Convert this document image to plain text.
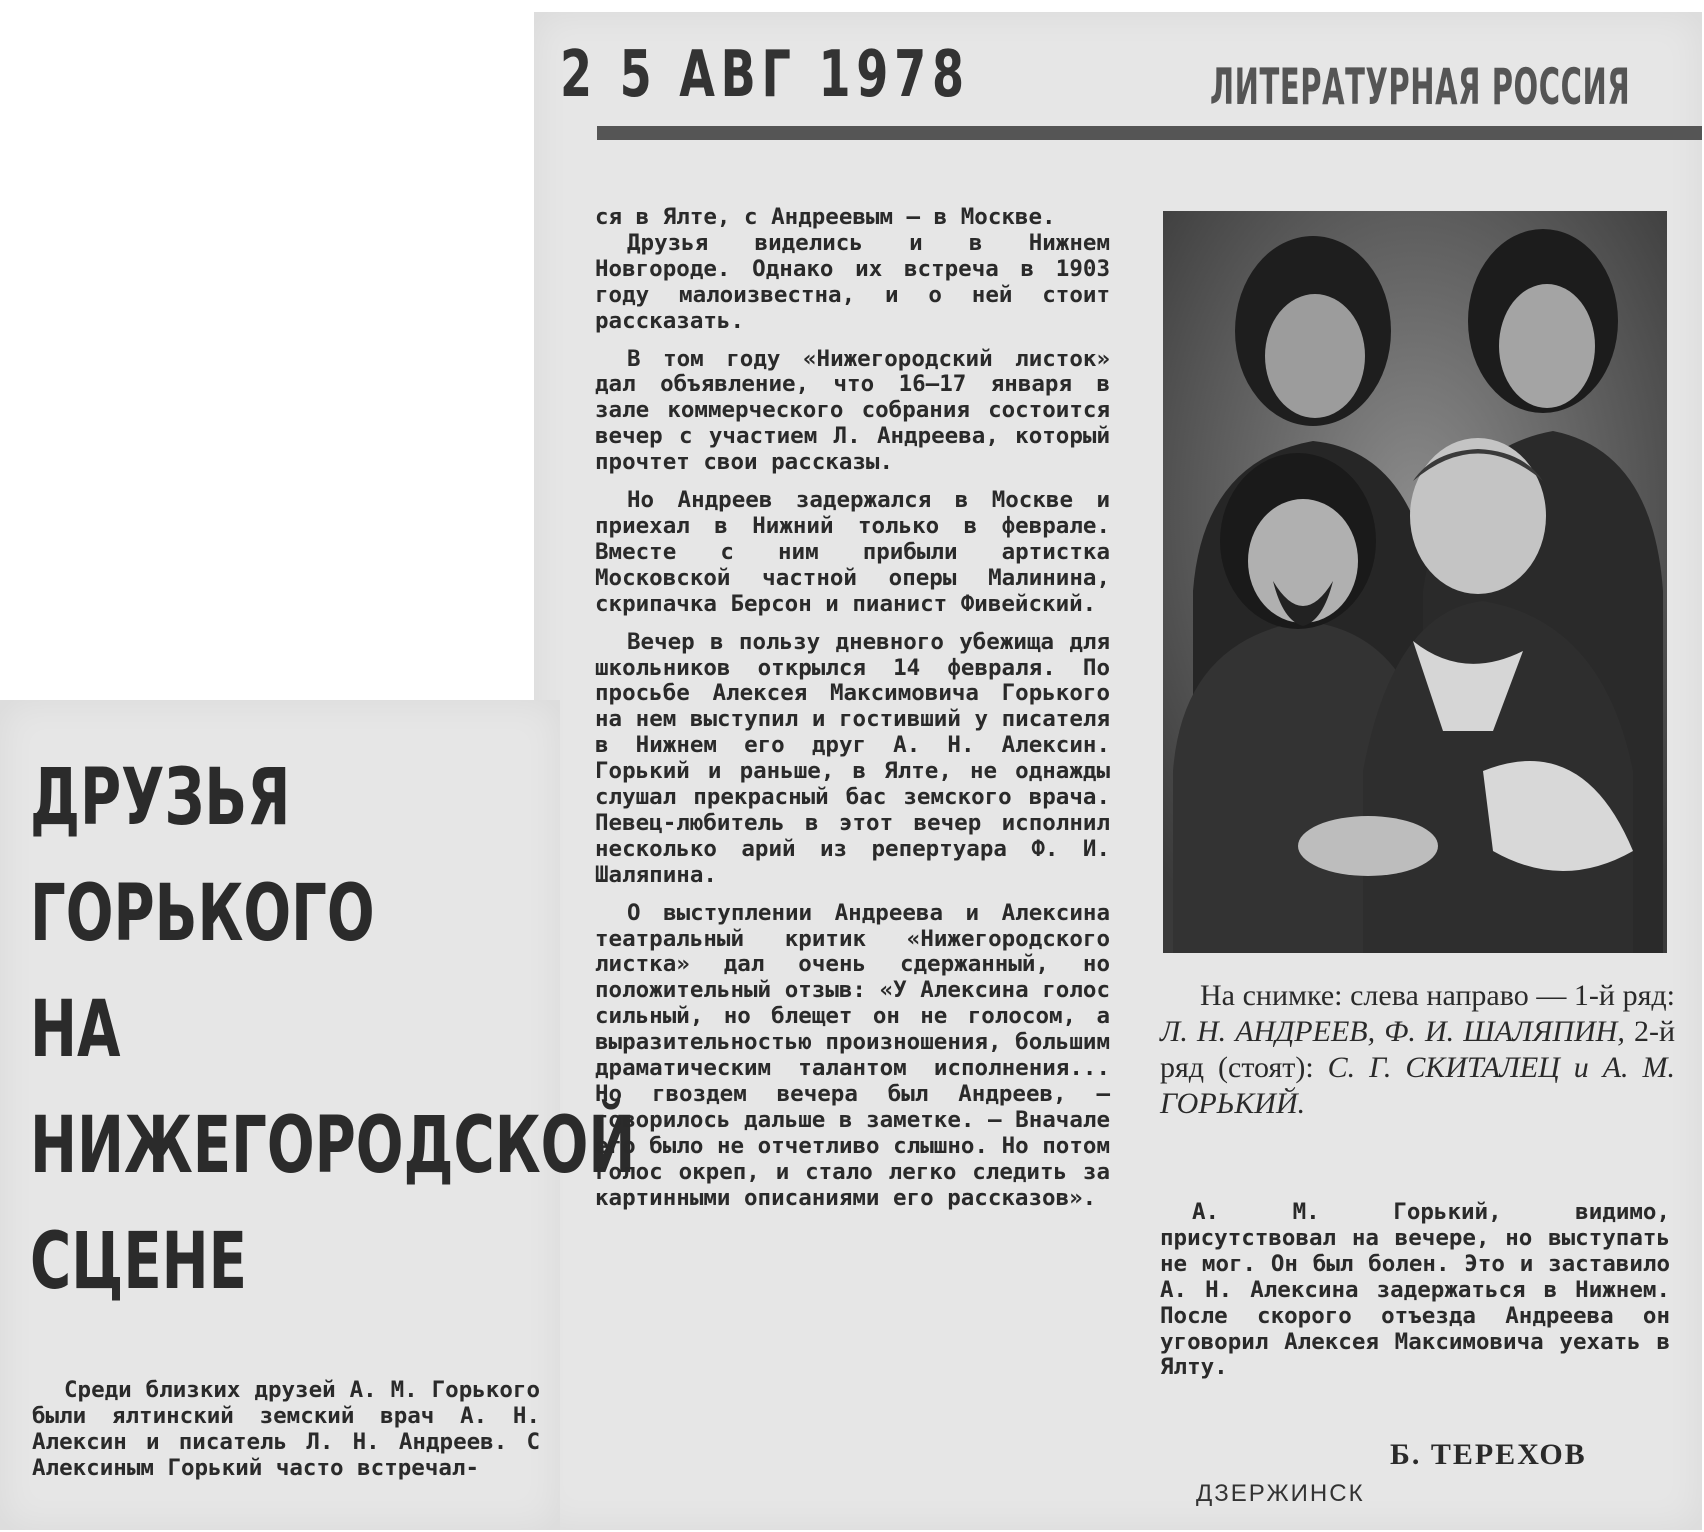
2 5 АВГ 1978	ЛИТЕРАТУРНАЯ РОССИЯ
ДРУЗЬЯ
ГОРЬКОГО
НА
НИЖЕГОРОДСКОЙ
СЦЕНЕ

Среди близких друзей А. М. Горького были ялтинский земский врач А. Н. Алексин и писатель Л. Н. Андреев. С Алексиным Горький часто встречал-

ся в Ялте, с Андреевым — в Москве.

Друзья виделись и в Нижнем Новгороде. Однако их встреча в 1903 году малоизвестна, и о ней стоит рассказать.

В том году «Нижегородский листок» дал объявление, что 16—17 января в зале коммерческого собрания состоится вечер с участием Л. Андреева, который прочтет свои рассказы.

Но Андреев задержался в Москве и приехал в Нижний только в феврале. Вместе с ним прибыли артистка Московской частной оперы Малинина, скрипачка Берсон и пианист Фивейский.

Вечер в пользу дневного убежища для школьников открылся 14 февраля. По просьбе Алексея Максимовича Горького на нем выступил и гостивший у писателя в Нижнем его друг А. Н. Алексин. Горький и раньше, в Ялте, не однажды слушал прекрасный бас земского врача. Певец-любитель в этот вечер исполнил несколько арий из репертуара Ф. И. Шаляпина.

О выступлении Андреева и Алексина театральный критик «Нижегородского листка» дал очень сдержанный, но положительный отзыв: «У Алексина голос сильный, но блещет он не голосом, а выразительностью произношения, большим драматическим талантом исполнения... Но гвоздем вечера был Андреев, — говорилось дальше в заметке. — Вначале его было не отчетливо слышно. Но потом голос окреп, и стало легко следить за картинными описаниями его рассказов».

На снимке: слева направо — 1-й ряд: Л. Н. АНДРЕЕВ, Ф. И. ШАЛЯПИН, 2-й ряд (стоят): С. Г. СКИТАЛЕЦ и А. М. ГОРЬКИЙ.

А. М. Горький, видимо, присутствовал на вечере, но выступать не мог. Он был болен. Это и заставило А. Н. Алексина задержаться в Нижнем. После скорого отъезда Андреева он уговорил Алексея Максимовича уехать в Ялту.

Б. ТЕРЕХОВ
ДЗЕРЖИНСК
